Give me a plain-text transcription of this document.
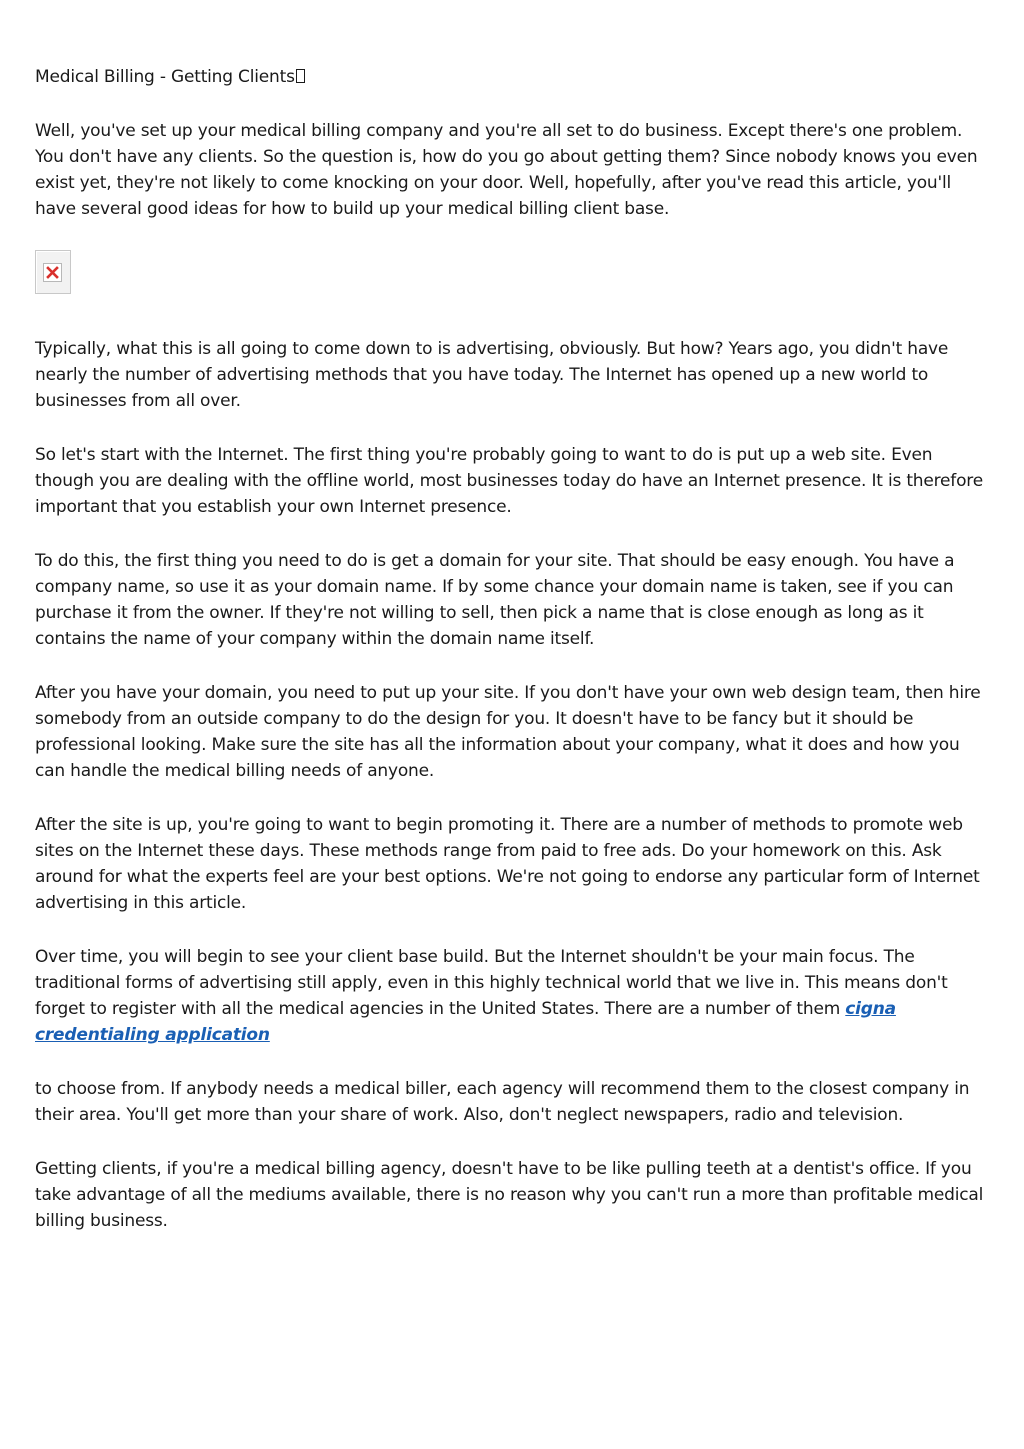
Medical Billing - Getting Clients

Well, you've set up your medical billing company and you're all set to do business. Except there's one problem. You don't have any clients. So the question is, how do you go about getting them? Since nobody knows you even exist yet, they're not likely to come knocking on your door. Well, hopefully, after you've read this article, you'll have several good ideas for how to build up your medical billing client base.

Typically, what this is all going to come down to is advertising, obviously. But how? Years ago, you didn't have nearly the number of advertising methods that you have today. The Internet has opened up a new world to businesses from all over.

So let's start with the Internet. The first thing you're probably going to want to do is put up a web site. Even though you are dealing with the offline world, most businesses today do have an Internet presence. It is therefore important that you establish your own Internet presence.

To do this, the first thing you need to do is get a domain for your site. That should be easy enough. You have a company name, so use it as your domain name. If by some chance your domain name is taken, see if you can purchase it from the owner. If they're not willing to sell, then pick a name that is close enough as long as it contains the name of your company within the domain name itself.

After you have your domain, you need to put up your site. If you don't have your own web design team, then hire somebody from an outside company to do the design for you. It doesn't have to be fancy but it should be professional looking. Make sure the site has all the information about your company, what it does and how you can handle the medical billing needs of anyone.

After the site is up, you're going to want to begin promoting it. There are a number of methods to promote web sites on the Internet these days. These methods range from paid to free ads. Do your homework on this. Ask around for what the experts feel are your best options. We're not going to endorse any particular form of Internet advertising in this article.

Over time, you will begin to see your client base build. But the Internet shouldn't be your main focus. The traditional forms of advertising still apply, even in this highly technical world that we live in. This means don't forget to register with all the medical agencies in the United States. There are a number of them cigna credentialing application

to choose from. If anybody needs a medical biller, each agency will recommend them to the closest company in their area. You'll get more than your share of work. Also, don't neglect newspapers, radio and television.

Getting clients, if you're a medical billing agency, doesn't have to be like pulling teeth at a dentist's office. If you take advantage of all the mediums available, there is no reason why you can't run a more than profitable medical billing business.
